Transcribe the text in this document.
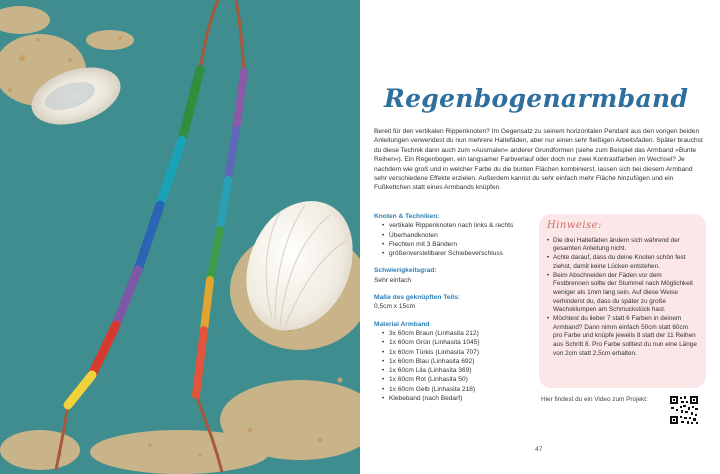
Regenbogenarmband

Bereit für den vertikalen Rippenknoten? Im Gegensatz zu seinem horizontalen Pendant aus den vorigen beiden Anleitungen verwendest du nun mehrere Haltefäden, aber nur einen sehr fleißigen Arbeitsfaden. Später brauchst du diese Technik dann auch zum »Ausmalen« anderer Grundformen (siehe zum Beispiel das Armband »Bunte Reihen«). Ein Regenbogen, ein langsamer Farbverlauf oder doch nur zwei Kontrastfarben im Wechsel? Je nachdem wie groß und in welcher Farbe du die bunten Flächen kombinierst, lassen sich bei diesem Armband sehr verschiedene Effekte erzielen. Außerdem kannst du sehr einfach mehr Fläche hinzufügen und ein Fußkettchen statt eines Armbands knüpfen.

Knoten & Techniken:
• vertikale Rippenknoten nach links & rechts
• Überhandknoten
• Flechten mit 3 Bändern
• größenverstellbarer Schiebeverschluss
Schwierigkeitsgrad:
Sehr einfach
Maße des geknüpften Teils:
0,5cm x 15cm
Material Armband
• 3x 60cm Braun (Linhasita 212)
• 1x 60cm Grün (Linhasita 1045)
• 1x 60cm Türkis (Linhasita 707)
• 1x 60cm Blau (Linhasita 692)
• 1x 60cm Lila (Linhasita 369)
• 1x 60cm Rot (Linhasita 50)
• 1x 60cm Gelb (Linhasita 218)
• Klebeband (nach Bedarf)
Hinweise:
• Die drei Haltefäden ändern sich während der gesamten Anleitung nicht.
• Achte darauf, dass du deine Knoten schön fest ziehst, damit keine Lücken entstehen.
• Beim Abschneiden der Fäden vor dem Festbrennen sollte der Stummel nach Möglichkeit weniger als 1mm lang sein. Auf diese Weise verhinderst du, dass du später zu große Wachsklumpen am Schmuckstück hast.
• Möchtest du lieber 7 statt 6 Farben in deinem Armband? Dann nimm einfach 50cm statt 60cm pro Farbe und knüpfe jeweils 8 statt der 11 Reihen aus Schritt 8. Pro Farbe solltest du nun eine Länge von 2cm statt 2,5cm erhalten.
Hier findest du ein Video zum Projekt:
47
